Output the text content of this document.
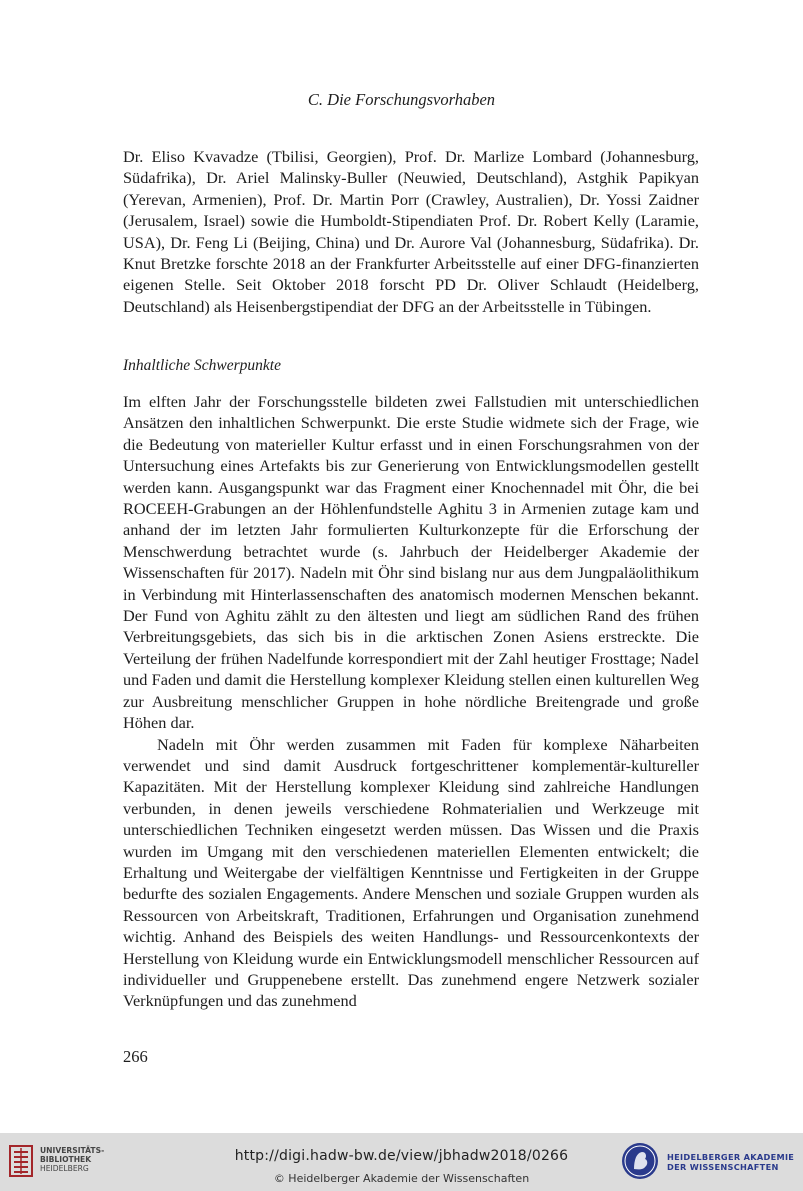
C. Die Forschungsvorhaben

Dr. Eliso Kvavadze (Tbilisi, Georgien), Prof. Dr. Marlize Lombard (Johannesburg, Südafrika), Dr. Ariel Malinsky-Buller (Neuwied, Deutschland), Astghik Papikyan (Yerevan, Armenien), Prof. Dr. Martin Porr (Crawley, Australien), Dr. Yossi Zaidner (Jerusalem, Israel) sowie die Humboldt-Stipendiaten Prof. Dr. Robert Kelly (Laramie, USA), Dr. Feng Li (Beijing, China) und Dr. Aurore Val (Johannesburg, Südafrika). Dr. Knut Bretzke forschte 2018 an der Frankfurter Arbeitsstelle auf einer DFG-finanzierten eigenen Stelle. Seit Oktober 2018 forscht PD Dr. Oliver Schlaudt (Heidelberg, Deutschland) als Heisenbergstipendiat der DFG an der Arbeitsstelle in Tübingen.

Inhaltliche Schwerpunkte

Im elften Jahr der Forschungsstelle bildeten zwei Fallstudien mit unterschiedlichen Ansätzen den inhaltlichen Schwerpunkt. Die erste Studie widmete sich der Frage, wie die Bedeutung von materieller Kultur erfasst und in einen Forschungsrahmen von der Untersuchung eines Artefakts bis zur Generierung von Entwicklungsmodellen gestellt werden kann. Ausgangspunkt war das Fragment einer Knochennadel mit Öhr, die bei ROCEEH-Grabungen an der Höhlenfundstelle Aghitu 3 in Armenien zutage kam und anhand der im letzten Jahr formulierten Kulturkonzepte für die Erforschung der Menschwerdung betrachtet wurde (s. Jahrbuch der Heidelberger Akademie der Wissenschaften für 2017). Nadeln mit Öhr sind bislang nur aus dem Jungpaläolithikum in Verbindung mit Hinterlassenschaften des anatomisch modernen Menschen bekannt. Der Fund von Aghitu zählt zu den ältesten und liegt am südlichen Rand des frühen Verbreitungsgebiets, das sich bis in die arktischen Zonen Asiens erstreckte. Die Verteilung der frühen Nadelfunde korrespondiert mit der Zahl heutiger Frosttage; Nadel und Faden und damit die Herstellung komplexer Kleidung stellen einen kulturellen Weg zur Ausbreitung menschlicher Gruppen in hohe nördliche Breitengrade und große Höhen dar.

Nadeln mit Öhr werden zusammen mit Faden für komplexe Näharbeiten verwendet und sind damit Ausdruck fortgeschrittener komplementär-kultureller Kapazitäten. Mit der Herstellung komplexer Kleidung sind zahlreiche Handlungen verbunden, in denen jeweils verschiedene Rohmaterialien und Werkzeuge mit unterschiedlichen Techniken eingesetzt werden müssen. Das Wissen und die Praxis wurden im Umgang mit den verschiedenen materiellen Elementen entwickelt; die Erhaltung und Weitergabe der vielfältigen Kenntnisse und Fertigkeiten in der Gruppe bedurfte des sozialen Engagements. Andere Menschen und soziale Gruppen wurden als Ressourcen von Arbeitskraft, Traditionen, Erfahrungen und Organisation zunehmend wichtig. Anhand des Beispiels des weiten Handlungs- und Ressourcenkontexts der Herstellung von Kleidung wurde ein Entwicklungsmodell menschlicher Ressourcen auf individueller und Gruppenebene erstellt. Das zunehmend engere Netzwerk sozialer Verknüpfungen und das zunehmend

266
UNIVERSITÄTS-
BIBLIOTHEK
HEIDELBERG
http://digi.hadw-bw.de/view/jbhadw2018/0266
© Heidelberger Akademie der Wissenschaften
HEIDELBERGER AKADEMIE
DER WISSENSCHAFTEN
